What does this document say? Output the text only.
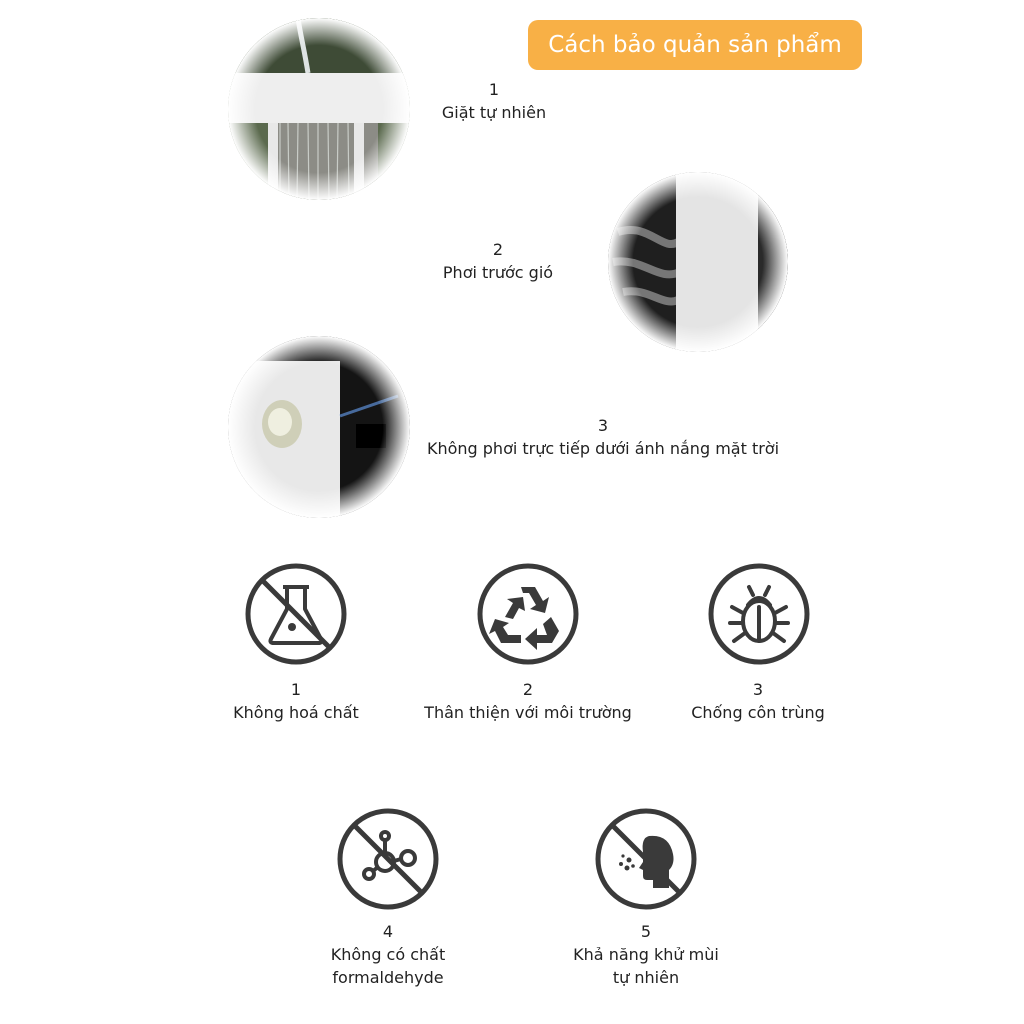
Cách bảo quản sản phẩm
1
Giặt tự nhiên
2
Phơi trước gió
3
Không phơi trực tiếp dưới ánh nắng mặt trời
1
Không hoá chất
2
Thân thiện với môi trường
3
Chống côn trùng
4
Không có chất
formaldehyde
5
Khả năng khử mùi
tự nhiên
